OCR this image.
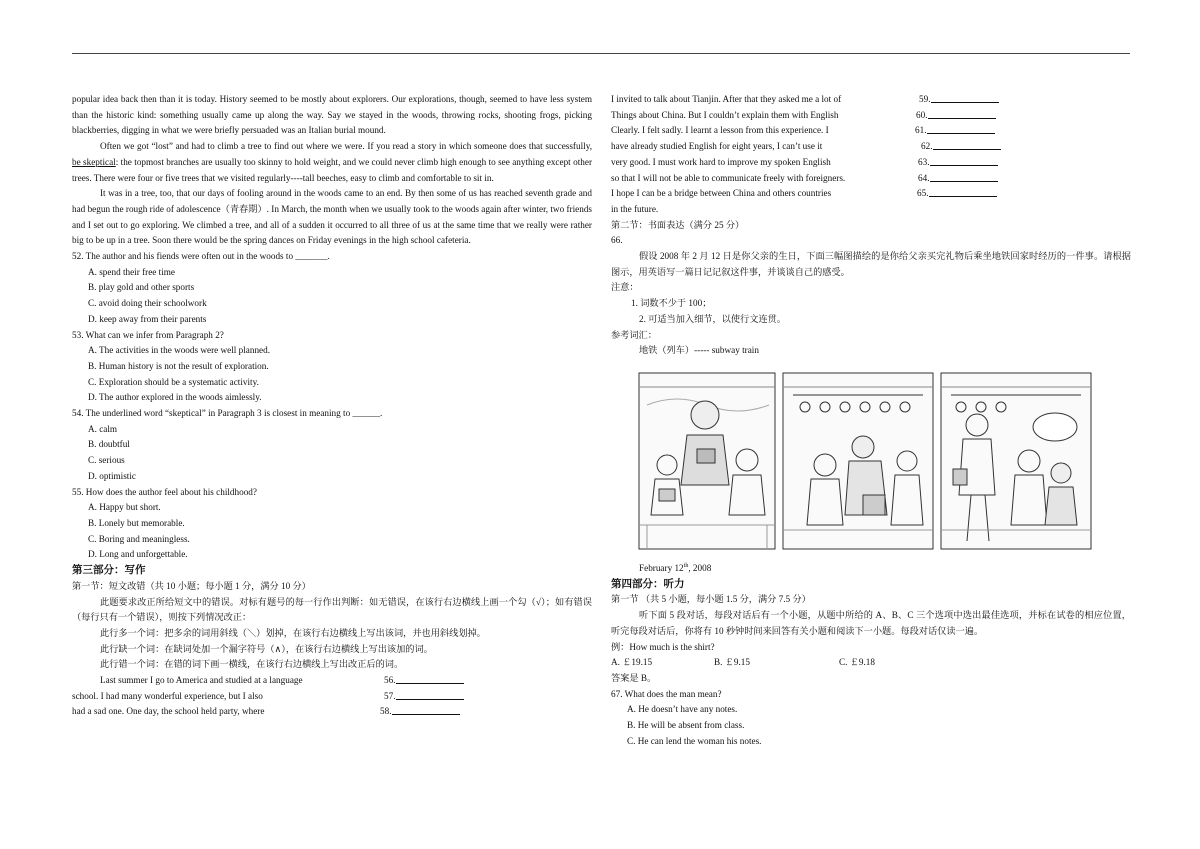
popular idea back then than it is today. History seemed to be mostly about explorers. Our explorations, though, seemed to have less system than the historic kind: something usually came up along the way. Say we stayed in the woods, throwing rocks, shooting frogs, picking blackberries, digging in what we were briefly persuaded was an Italian burial mound.

Often we got “lost” and had to climb a tree to find out where we were. If you read a story in which someone does that successfully, be skeptical: the topmost branches are usually too skinny to hold weight, and we could never climb high enough to see anything except other trees. There were four or five trees that we visited regularly----tall beeches, easy to climb and comfortable to sit in.

It was in a tree, too, that our days of fooling around in the woods came to an end. By then some of us has reached seventh grade and had begun the rough ride of adolescence（青春期）. In March, the month when we usually took to the woods again after winter, two friends and I set out to go exploring. We climbed a tree, and all of a sudden it occurred to all three of us at the same time that we really were rather big to be up in a tree. Soon there would be the spring dances on Friday evenings in the high school cafeteria.

52. The author and his fiends were often out in the woods to _______.

A. spend their free time

B. play gold and other sports

C. avoid doing their schoolwork

D. keep away from their parents

53. What can we infer from Paragraph 2?

A. The activities in the woods were well planned.

B. Human history is not the result of exploration.

C. Exploration should be a systematic activity.

D. The author explored in the woods aimlessly.

54. The underlined word “skeptical” in Paragraph 3 is closest in meaning to ______.

A. calm

B. doubtful

C. serious

D. optimistic

55. How does the author feel about his childhood?

A. Happy but short.

B. Lonely but memorable.

C. Boring and meaningless.

D. Long and unforgettable.

第三部分：写作

第一节：短文改错（共 10 小题；每小题 1 分，满分 10 分）

此题要求改正所给短文中的错误。对标有题号的每一行作出判断：如无错误，在该行右边横线上画一个勾（√）；如有错误（每行只有一个错误），则按下列情况改正：

此行多一个词：把多余的词用斜线（＼）划掉，在该行右边横线上写出该词，并也用斜线划掉。

此行缺一个词：在缺词处加一个漏字符号（∧），在该行右边横线上写出该加的词。

此行错一个词：在错的词下画一横线，在该行右边横线上写出改正后的词。

Last summer I go to America and studied at a language	56.
school. I had many wonderful experience, but I also	57.
had a sad one. One day, the school held party, where	58.
I invited to talk about Tianjin. After that they asked me a lot of	59.
Things about China. But I couldn’t explain them with English	60.
Clearly. I felt sadly. I learnt a lesson from this experience. I	61.
have already studied English for eight years, I can’t use it	62.
very good. I must work hard to improve my spoken English	63.
so that I will not be able to communicate freely with foreigners.	64.
I hope I can be a bridge between China and others countries	65.

in the future.

第二节：书面表达（满分 25 分）

66.

假设 2008 年 2 月 12 日是你父亲的生日，下面三幅图描绘的是你给父亲买完礼物后乘坐地铁回家时经历的一件事。请根据图示，用英语写一篇日记记叙这件事，并谈谈自己的感受。

注意：

1. 词数不少于 100；

2. 可适当加入细节，以使行文连贯。

参考词汇：

地铁（列车）----- subway train

February 12th, 2008

第四部分：听力

第一节 （共 5 小题，每小题 1.5 分，满分 7.5 分）

听下面 5 段对话，每段对话后有一个小题，从题中所给的 A、B、C 三个选项中选出最佳选项，并标在试卷的相应位置，听完每段对话后，你将有 10 秒钟时间来回答有关小题和阅读下一小题。每段对话仅读一遍。

例：How much is the shirt?

A. ￡19.15	B. ￡9.15	C. ￡9.18

答案是 B。

67. What does the man mean?

A. He doesn’t have any notes.

B. He will be absent from class.

C. He can lend the woman his notes.
